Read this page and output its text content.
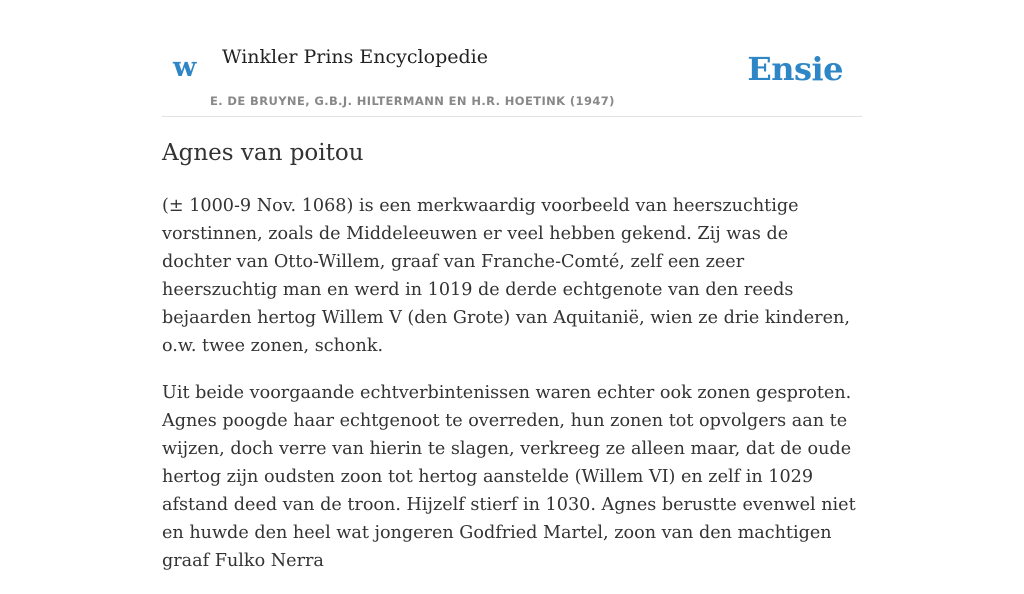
w Winkler Prins Encyclopedie	Ensie
E. DE BRUYNE, G.B.J. HILTERMANN EN H.R. HOETINK (1947)
Agnes van poitou

(± 1000-9 Nov. 1068) is een merkwaardig voorbeeld van heerszuchtige vorstinnen, zoals de Middeleeuwen er veel hebben gekend. Zij was de dochter van Otto-Willem, graaf van Franche-Comté, zelf een zeer heerszuchtig man en werd in 1019 de derde echtgenote van den reeds bejaarden hertog Willem V (den Grote) van Aquitanië, wien ze drie kinderen, o.w. twee zonen, schonk.

Uit beide voorgaande echtverbintenissen waren echter ook zonen gesproten. Agnes poogde haar echtgenoot te overreden, hun zonen tot opvolgers aan te wijzen, doch verre van hierin te slagen, verkreeg ze alleen maar, dat de oude hertog zijn oudsten zoon tot hertog aanstelde (Willem VI) en zelf in 1029 afstand deed van de troon. Hijzelf stierf in 1030. Agnes berustte evenwel niet en huwde den heel wat jongeren Godfried Martel, zoon van den machtigen graaf Fulko Nerra
